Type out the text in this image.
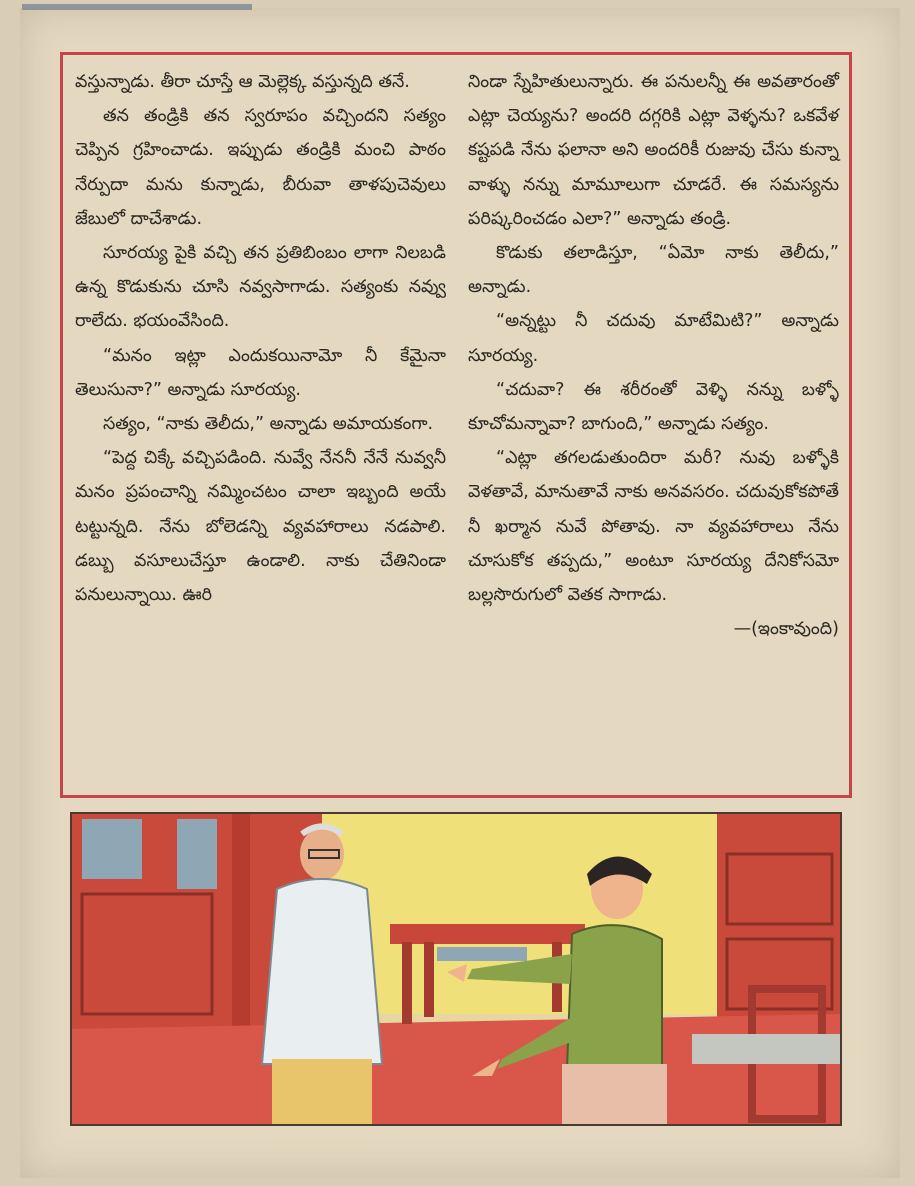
వస్తున్నాడు. తీరా చూస్తే ఆ మెల్లెక్క వస్తున్నది తనే.

తన తండ్రికి తన స్వరూపం వచ్చిందని సత్యం చెప్పిన గ్రహించాడు. ఇప్పుడు తండ్రికి మంచి పాఠం నేర్పుదా మను కున్నాడు, బీరువా తాళపుచెవులు జేబులో దాచేశాడు.

సూరయ్య పైకి వచ్చి తన ప్రతిబింబం లాగా నిలబడి ఉన్న కొడుకును చూసి నవ్వసాగాడు. సత్యంకు నవ్వు రాలేదు. భయంవేసింది.

“మనం ఇట్లా ఎందుకయినామో నీ కేమైనా తెలుసునా?” అన్నాడు సూరయ్య.

సత్యం, “నాకు తెలీదు,” అన్నాడు అమాయకంగా.

“పెద్ద చిక్కే వచ్చిపడింది. నువ్వే నేననీ నేనే నువ్వనీ మనం ప్రపంచాన్ని నమ్మించటం చాలా ఇబ్బంది అయే టట్టున్నది. నేను బోలెడన్ని వ్యవహారాలు నడపాలి. డబ్బు వసూలుచేస్తూ ఉండాలి. నాకు చేతినిండా పనులున్నాయి. ఊరి

నిండా స్నేహితులున్నారు. ఈ పనులన్నీ ఈ అవతారంతో ఎట్లా చెయ్యను? అందరి దగ్గరికి ఎట్లా వెళ్ళను? ఒకవేళ కష్టపడి నేను ఫలానా అని అందరికీ రుజువు చేసు కున్నా వాళ్ళు నన్ను మామూలుగా చూడరే. ఈ సమస్యను పరిష్కరించడం ఎలా?” అన్నాడు తండ్రి.

కొడుకు తలాడిస్తూ, “ఏమో నాకు తెలీదు,” అన్నాడు.

“అన్నట్టు నీ చదువు మాటేమిటి?” అన్నాడు సూరయ్య.

“చదువా? ఈ శరీరంతో వెళ్ళి నన్ను బళ్ళో కూచోమన్నావా? బాగుంది,” అన్నాడు సత్యం.

“ఎట్లా తగలడుతుందిరా మరీ? నువు బళ్ళోకి వెళతావే, మానుతావే నాకు అనవసరం. చదువుకోకపోతే నీ ఖర్మాన నువే పోతావు. నా వ్యవహారాలు నేను చూసుకోక తప్పదు,” అంటూ సూరయ్య దేనికోసమో బల్లసొరుగులో వెతక సాగాడు.

—(ఇంకావుంది)
